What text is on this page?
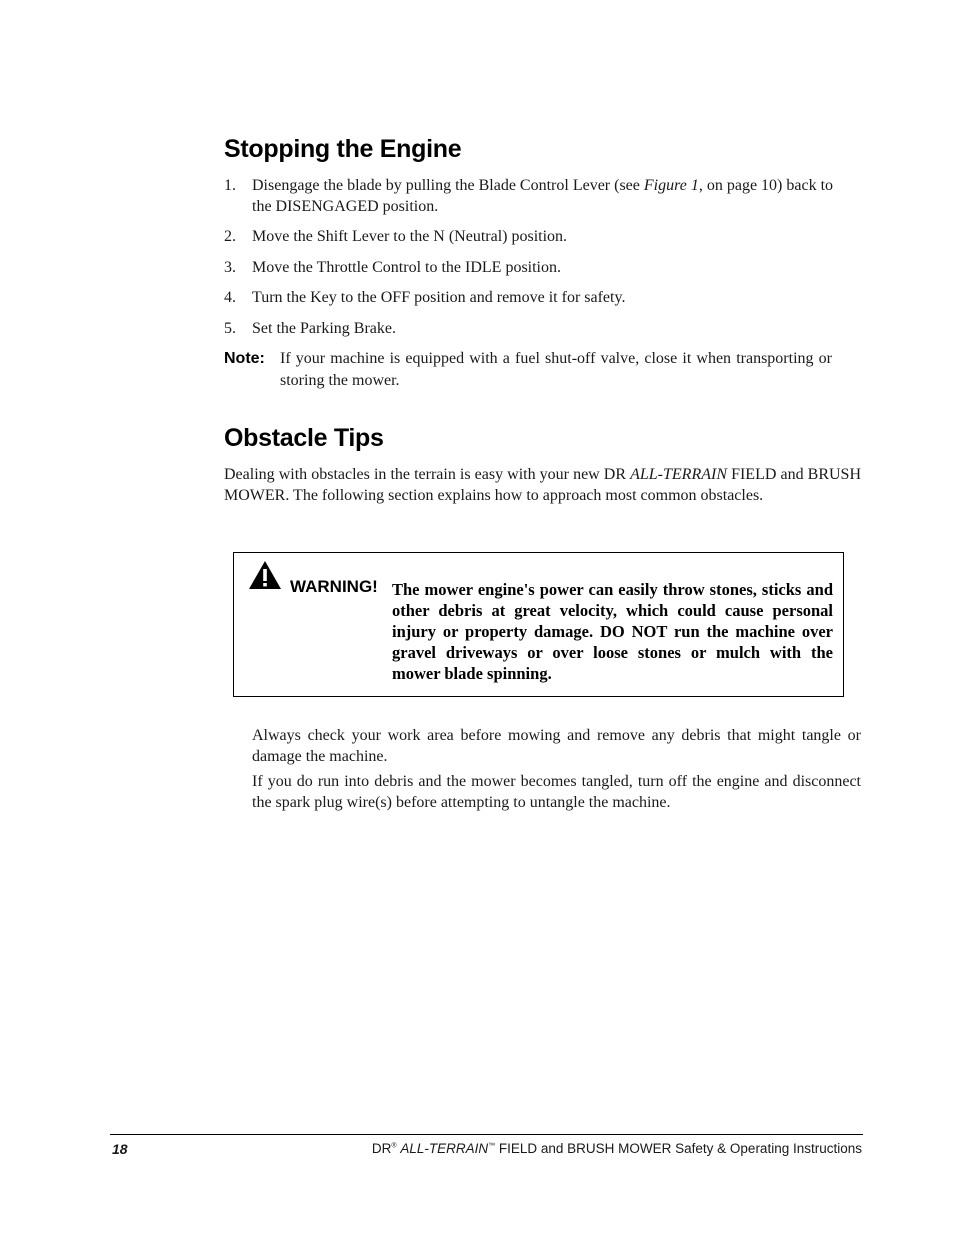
Stopping the Engine
1. Disengage the blade by pulling the Blade Control Lever (see Figure 1, on page 10) back to the DISENGAGED position.
2. Move the Shift Lever to the N (Neutral) position.
3. Move the Throttle Control to the IDLE position.
4. Turn the Key to the OFF position and remove it for safety.
5. Set the Parking Brake.
Note: If your machine is equipped with a fuel shut-off valve, close it when transporting or storing the mower.
Obstacle Tips
Dealing with obstacles in the terrain is easy with your new DR ALL-TERRAIN FIELD and BRUSH MOWER. The following section explains how to approach most common obstacles.
WARNING! The mower engine's power can easily throw stones, sticks and other debris at great velocity, which could cause personal injury or property damage. DO NOT run the machine over gravel driveways or over loose stones or mulch with the mower blade spinning.
Always check your work area before mowing and remove any debris that might tangle or damage the machine.
If you do run into debris and the mower becomes tangled, turn off the engine and disconnect the spark plug wire(s) before attempting to untangle the machine.
18	DR® ALL-TERRAIN™ FIELD and BRUSH MOWER Safety & Operating Instructions
